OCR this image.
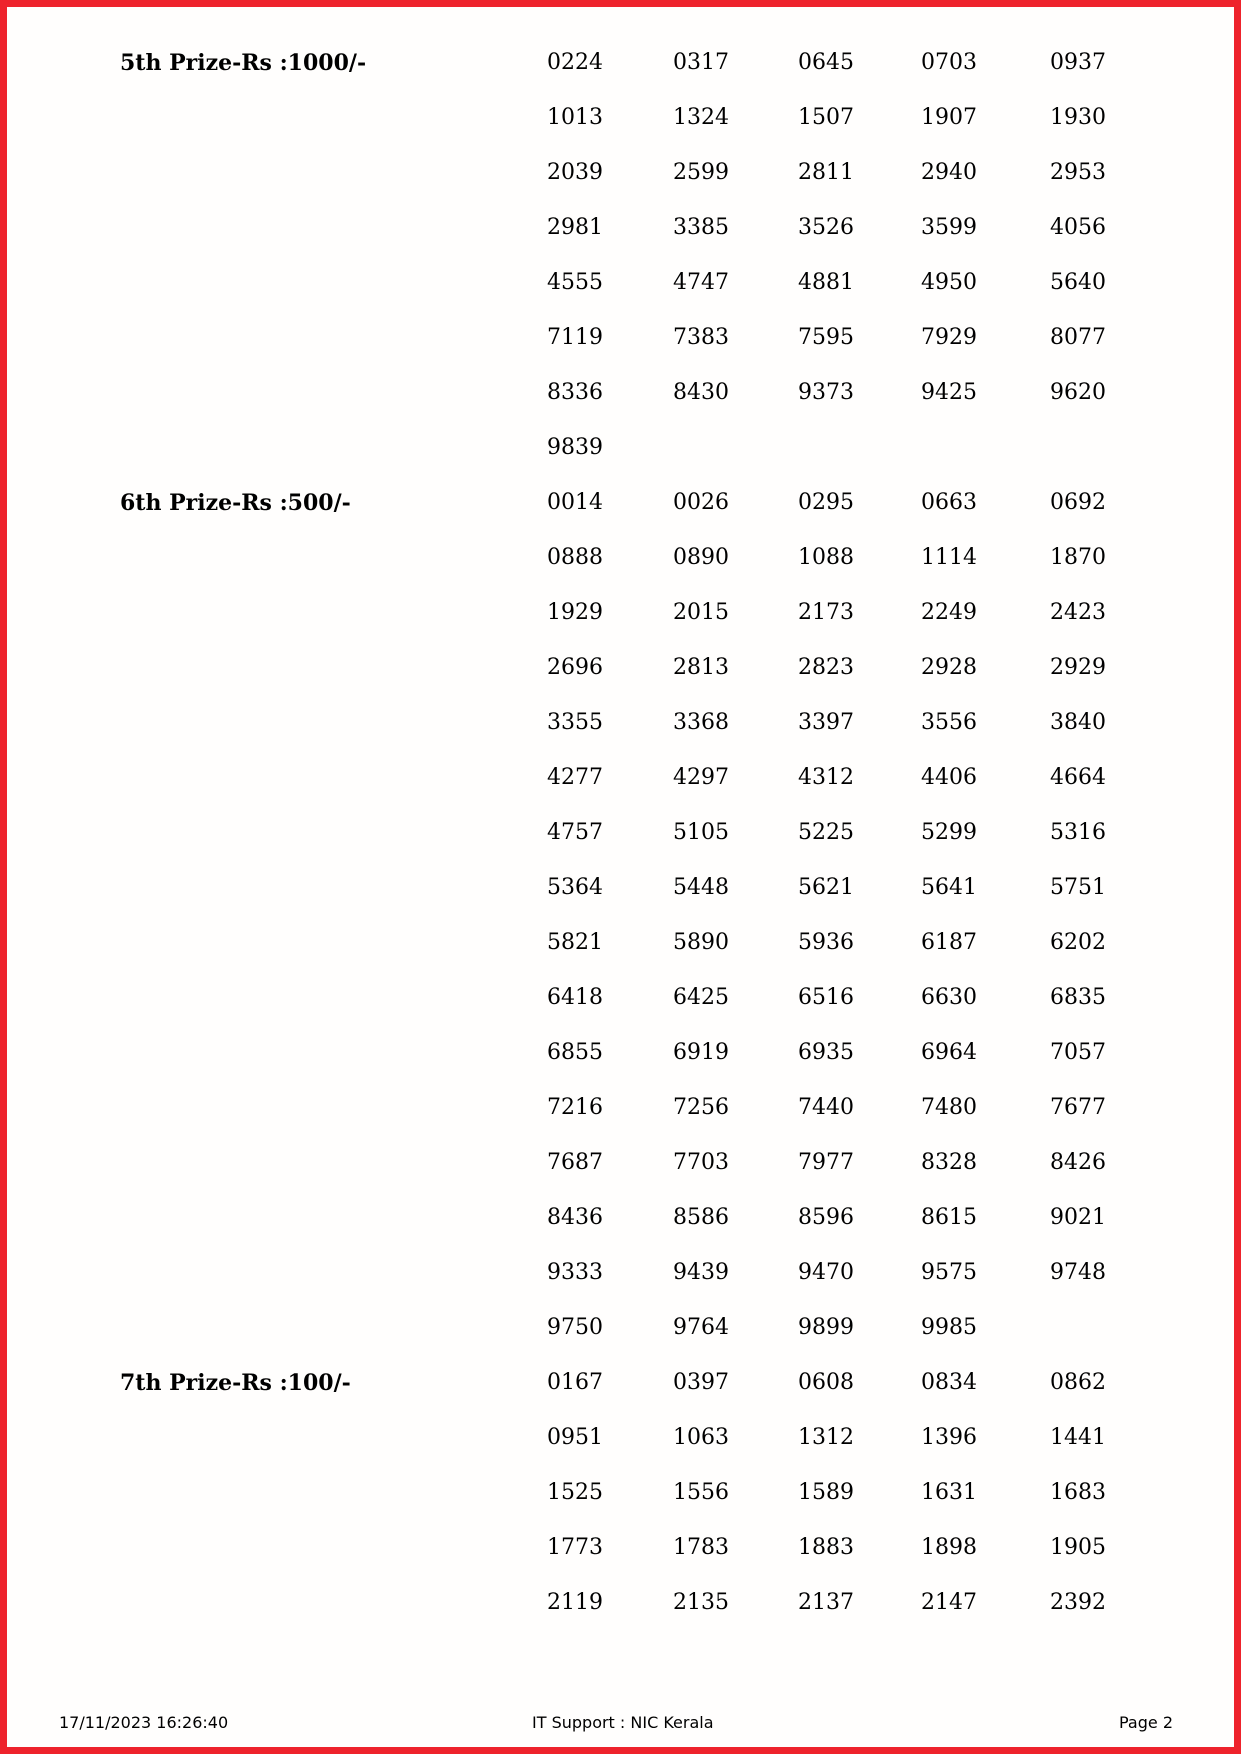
5th Prize-Rs :1000/-	0224	0317	0645	0703	0937
1013	1324	1507	1907	1930
2039	2599	2811	2940	2953
2981	3385	3526	3599	4056
4555	4747	4881	4950	5640
7119	7383	7595	7929	8077
8336	8430	9373	9425	9620
9839
6th Prize-Rs :500/-	0014	0026	0295	0663	0692
0888	0890	1088	1114	1870
1929	2015	2173	2249	2423
2696	2813	2823	2928	2929
3355	3368	3397	3556	3840
4277	4297	4312	4406	4664
4757	5105	5225	5299	5316
5364	5448	5621	5641	5751
5821	5890	5936	6187	6202
6418	6425	6516	6630	6835
6855	6919	6935	6964	7057
7216	7256	7440	7480	7677
7687	7703	7977	8328	8426
8436	8586	8596	8615	9021
9333	9439	9470	9575	9748
9750	9764	9899	9985
7th Prize-Rs :100/-	0167	0397	0608	0834	0862
0951	1063	1312	1396	1441
1525	1556	1589	1631	1683
1773	1783	1883	1898	1905
2119	2135	2137	2147	2392
17/11/2023 16:26:40	IT Support : NIC Kerala	Page 2
